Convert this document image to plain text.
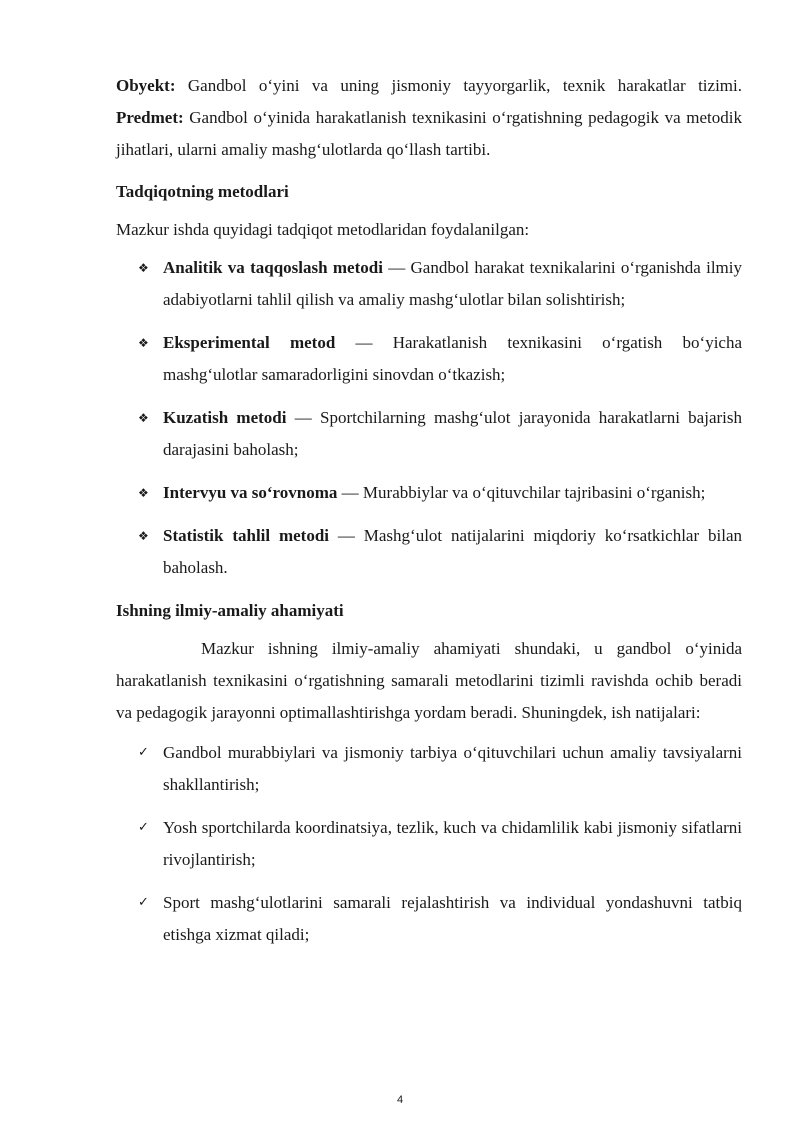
Obyekt: Gandbol o‘yini va uning jismoniy tayyorgarlik, texnik harakatlar tizimi.

Predmet: Gandbol o‘yinida harakatlanish texnikasini o‘rgatishning pedagogik va metodik jihatlari, ularni amaliy mashg‘ulotlarda qo‘llash tartibi.

Tadqiqotning metodlari

Mazkur ishda quyidagi tadqiqot metodlaridan foydalanilgan:

❖ Analitik va taqqoslash metodi — Gandbol harakat texnikalarini o‘rganishda ilmiy adabiyotlarni tahlil qilish va amaliy mashg‘ulotlar bilan solishtirish;

❖ Eksperimental metod — Harakatlanish texnikasini o‘rgatish bo‘yicha mashg‘ulotlar samaradorligini sinovdan o‘tkazish;

❖ Kuzatish metodi — Sportchilarning mashg‘ulot jarayonida harakatlarni bajarish darajasini baholash;

❖ Intervyu va so‘rovnoma — Murabbiylar va o‘qituvchilar tajribasini o‘rganish;

❖ Statistik tahlil metodi — Mashg‘ulot natijalarini miqdoriy ko‘rsatkichlar bilan baholash.

Ishning ilmiy-amaliy ahamiyati

Mazkur ishning ilmiy-amaliy ahamiyati shundaki, u gandbol o‘yinida harakatlanish texnikasini o‘rgatishning samarali metodlarini tizimli ravishda ochib beradi va pedagogik jarayonni optimallashtirishga yordam beradi. Shuningdek, ish natijalari:

✓ Gandbol murabbiylari va jismoniy tarbiya o‘qituvchilari uchun amaliy tavsiyalarni shakllantirish;

✓ Yosh sportchilarda koordinatsiya, tezlik, kuch va chidamlilik kabi jismoniy sifatlarni rivojlantirish;

✓ Sport mashg‘ulotlarini samarali rejalashtirish va individual yondashuvni tatbiq etishga xizmat qiladi;

4
